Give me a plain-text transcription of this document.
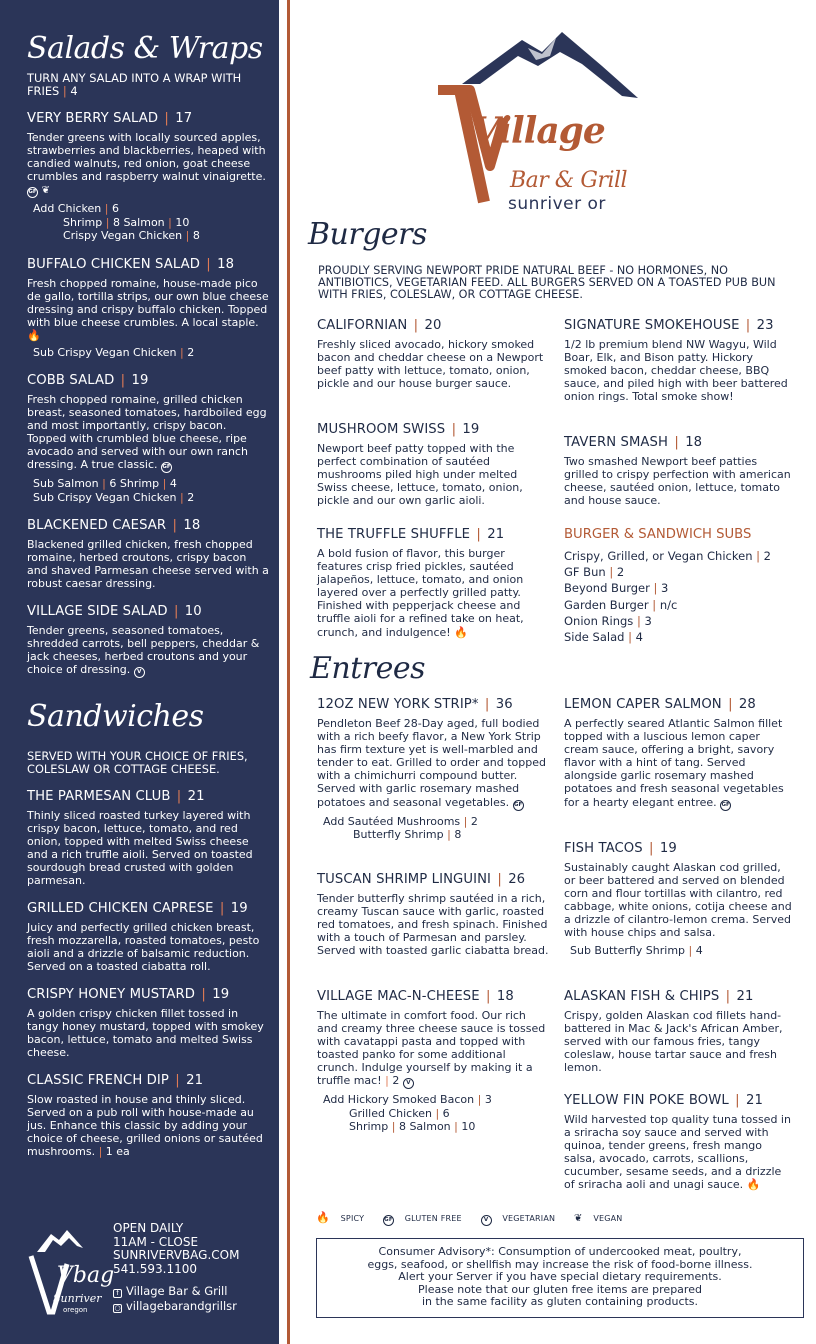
Salads & Wraps
TURN ANY SALAD INTO A WRAP WITH FRIES | 4
VERY BERRY SALAD | 17
Tender greens with locally sourced apples, strawberries and blackberries, heaped with candied walnuts, red onion, goat cheese crumbles and raspberry walnut vinaigrette. GF ❦
Add Chicken | 6
Shrimp | 8 Salmon | 10
Crispy Vegan Chicken | 8
BUFFALO CHICKEN SALAD | 18
Fresh chopped romaine, house-made pico de gallo, tortilla strips, our own blue cheese dressing and crispy buffalo chicken. Topped with blue cheese crumbles. A local staple.🔥
Sub Crispy Vegan Chicken | 2
COBB SALAD | 19
Fresh chopped romaine, grilled chicken breast, seasoned tomatoes, hardboiled egg and most importantly, crispy bacon. Topped with crumbled blue cheese, ripe avocado and served with our own ranch dressing. A true classic. GF
Sub Salmon | 6 Shrimp | 4
Sub Crispy Vegan Chicken | 2
BLACKENED CAESAR | 18
Blackened grilled chicken, fresh chopped romaine, herbed croutons, crispy bacon and shaved Parmesan cheese served with a robust caesar dressing.
VILLAGE SIDE SALAD | 10
Tender greens, seasoned tomatoes, shredded carrots, bell peppers, cheddar & jack cheeses, herbed croutons and your choice of dressing. V
Sandwiches
SERVED WITH YOUR CHOICE OF FRIES, COLESLAW OR COTTAGE CHEESE.
THE PARMESAN CLUB | 21
Thinly sliced roasted turkey layered with crispy bacon, lettuce, tomato, and red onion, topped with melted Swiss cheese and a rich truffle aioli. Served on toasted sourdough bread crusted with golden parmesan.
GRILLED CHICKEN CAPRESE | 19
Juicy and perfectly grilled chicken breast, fresh mozzarella, roasted tomatoes, pesto aioli and a drizzle of balsamic reduction. Served on a toasted ciabatta roll.
CRISPY HONEY MUSTARD | 19
A golden crispy chicken fillet tossed in tangy honey mustard, topped with smokey bacon, lettuce, tomato and melted Swiss cheese.
CLASSIC FRENCH DIP | 21
Slow roasted in house and thinly sliced. Served on a pub roll with house-made au jus. Enhance this classic by adding your choice of cheese, grilled onions or sautéed mushrooms. | 1 ea
Vbag
Sunriver
oregon
OPEN DAILY
11AM - CLOSE
SUNRIVERVBAG.COM
541.593.1100
f Village Bar & Grill
○ villagebarandgrillsr
Village
Bar & Grill
sunriver or
Burgers
PROUDLY SERVING NEWPORT PRIDE NATURAL BEEF - NO HORMONES, NO ANTIBIOTICS, VEGETARIAN FEED. ALL BURGERS SERVED ON A TOASTED PUB BUN WITH FRIES, COLESLAW, OR COTTAGE CHEESE.
CALIFORNIAN | 20
Freshly sliced avocado, hickory smoked bacon and cheddar cheese on a Newport beef patty with lettuce, tomato, onion, pickle and our house burger sauce.
MUSHROOM SWISS | 19
Newport beef patty topped with the perfect combination of sautéed mushrooms piled high under melted Swiss cheese, lettuce, tomato, onion, pickle and our own garlic aioli.
THE TRUFFLE SHUFFLE | 21
A bold fusion of flavor, this burger features crisp fried pickles, sautéed jalapeños, lettuce, tomato, and onion layered over a perfectly grilled patty. Finished with pepperjack cheese and truffle aioli for a refined take on heat, crunch, and indulgence! 🔥
SIGNATURE SMOKEHOUSE | 23
1/2 lb premium blend NW Wagyu, Wild Boar, Elk, and Bison patty. Hickory smoked bacon, cheddar cheese, BBQ sauce, and piled high with beer battered onion rings. Total smoke show!
TAVERN SMASH | 18
Two smashed Newport beef patties grilled to crispy perfection with american cheese, sautéed onion, lettuce, tomato and house sauce.
BURGER & SANDWICH SUBS
Crispy, Grilled, or Vegan Chicken | 2
GF Bun | 2
Beyond Burger | 3
Garden Burger | n/c
Onion Rings | 3
Side Salad | 4
Entrees
12OZ NEW YORK STRIP* | 36
Pendleton Beef 28-Day aged, full bodied with a rich beefy flavor, a New York Strip has firm texture yet is well-marbled and tender to eat. Grilled to order and topped with a chimichurri compound butter. Served with garlic rosemary mashed potatoes and seasonal vegetables. GF
Add Sautéed Mushrooms | 2
Butterfly Shrimp | 8
TUSCAN SHRIMP LINGUINI | 26
Tender butterfly shrimp sautéed in a rich, creamy Tuscan sauce with garlic, roasted red tomatoes, and fresh spinach. Finished with a touch of Parmesan and parsley. Served with toasted garlic ciabatta bread.
VILLAGE MAC-N-CHEESE | 18
The ultimate in comfort food. Our rich and creamy three cheese sauce is tossed with cavatappi pasta and topped with toasted panko for some additional crunch. Indulge yourself by making it a truffle mac! | 2 V
Add Hickory Smoked Bacon | 3
Grilled Chicken | 6
Shrimp | 8 Salmon | 10
LEMON CAPER SALMON | 28
A perfectly seared Atlantic Salmon fillet topped with a luscious lemon caper cream sauce, offering a bright, savory flavor with a hint of tang. Served alongside garlic rosemary mashed potatoes and fresh seasonal vegetables for a hearty elegant entree. GF
FISH TACOS | 19
Sustainably caught Alaskan cod grilled, or beer battered and served on blended corn and flour tortillas with cilantro, red cabbage, white onions, cotija cheese and a drizzle of cilantro-lemon crema. Served with house chips and salsa.
Sub Butterfly Shrimp | 4
ALASKAN FISH & CHIPS | 21
Crispy, golden Alaskan cod fillets hand-battered in Mac & Jack's African Amber, served with our famous fries, tangy coleslaw, house tartar sauce and fresh lemon.
YELLOW FIN POKE BOWL | 21
Wild harvested top quality tuna tossed in a sriracha soy sauce and served with quinoa, tender greens, fresh mango salsa, avocado, carrots, scallions, cucumber, sesame seeds, and a drizzle of sriracha aoli and unagi sauce. 🔥
🔥 SPICY	GF GLUTEN FREE	V VEGETARIAN ❦ VEGAN
Consumer Advisory*: Consumption of undercooked meat, poultry,
eggs, seafood, or shellfish may increase the risk of food-borne illness.
Alert your Server if you have special dietary requirements.
Please note that our gluten free items are prepared
in the same facility as gluten containing products.
